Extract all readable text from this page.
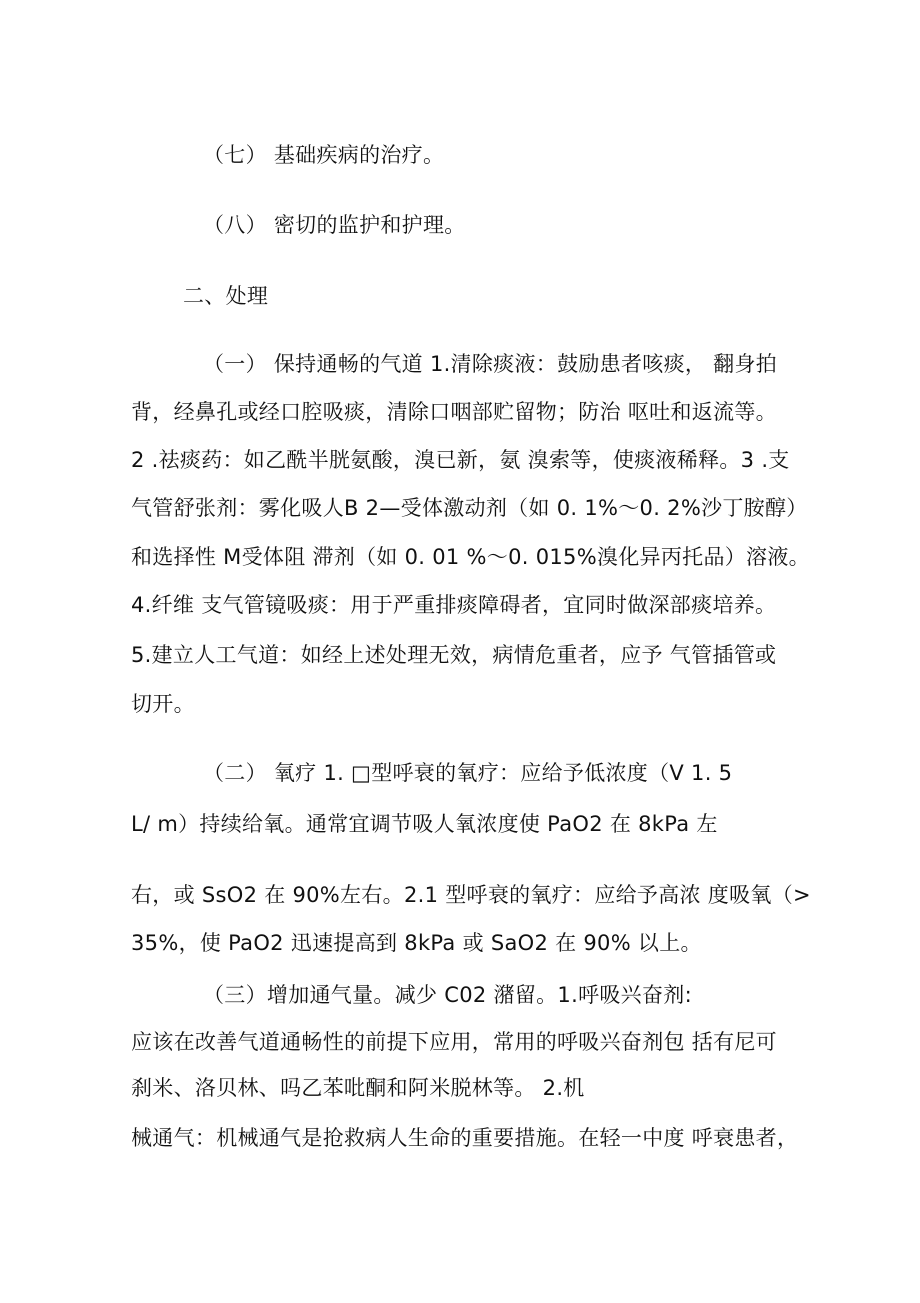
（七） 基础疾病的治疗。
（八） 密切的监护和护理。
二、处理
（一） 保持通畅的气道 1.清除痰液：鼓励患者咳痰， 翻身拍
背，经鼻孔或经口腔吸痰，清除口咽部贮留物；防治 呕吐和返流等。
2 .祛痰药：如乙酰半胱氨酸，溴已新，氨 溴索等，使痰液稀释。3 .支
气管舒张剂：雾化吸人B 2—受体激动剂（如 0. 1%～0. 2%沙丁胺醇）
和选择性 M受体阻 滞剂（如 0. 01 %～0. 015%溴化异丙托品）溶液。
4.纤维 支气管镜吸痰：用于严重排痰障碍者，宜同时做深部痰培养。
5.建立人工气道：如经上述处理无效，病情危重者，应予 气管插管或
切开。
（二） 氧疗 1. □型呼衰的氧疗：应给予低浓度（V 1. 5
L/ m）持续给氧。通常宜调节吸人氧浓度使 PaO2 在 8kPa 左
右，或 SsO2 在 90%左右。2.1 型呼衰的氧疗：应给予高浓 度吸氧（>
35%，使 PaO2 迅速提高到 8kPa 或 SaO2 在 90% 以上。
（三）增加通气量。减少 C02 潴留。1.呼吸兴奋剂:
应该在改善气道通畅性的前提下应用，常用的呼吸兴奋剂包 括有尼可
刹米、洛贝林、吗乙苯吡酮和阿米脱林等。 2.机
械通气：机械通气是抢救病人生命的重要措施。在轻一中度 呼衰患者，
